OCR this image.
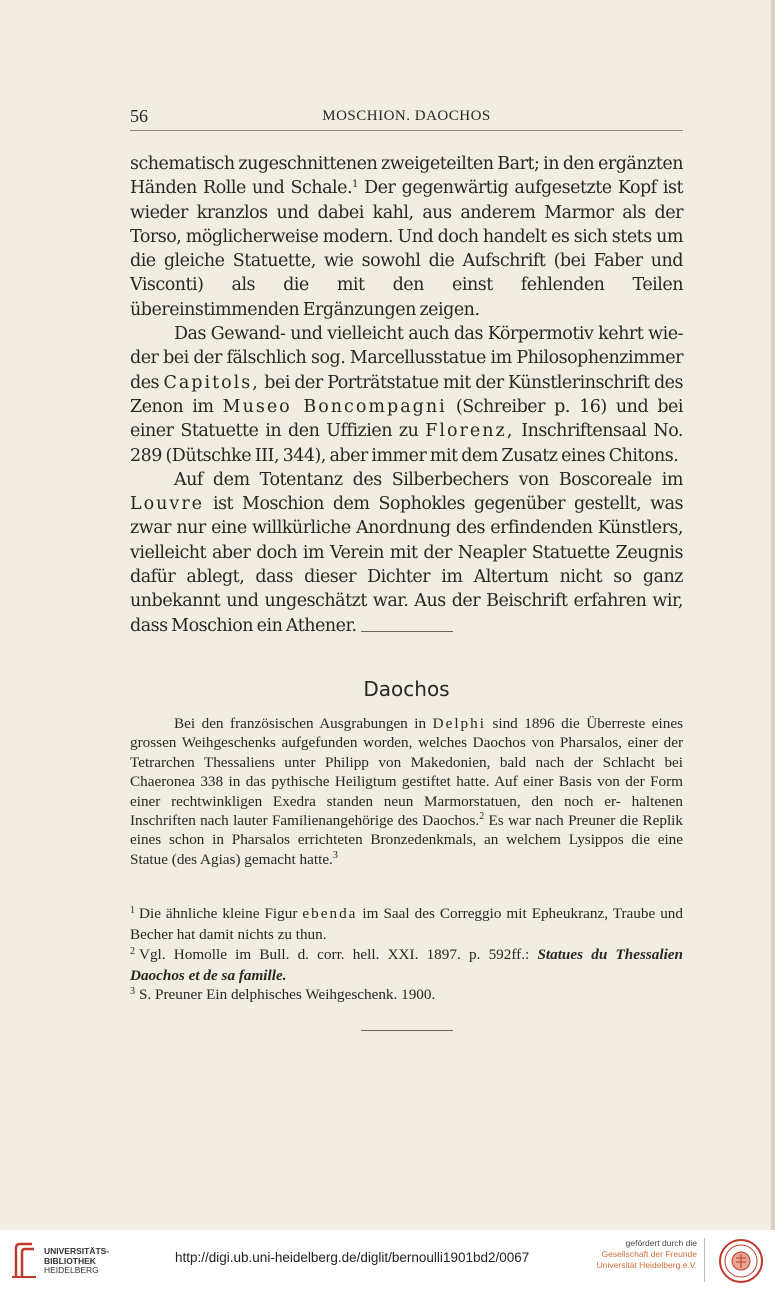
56	MOSCHION. DAOCHOS

schematisch zugeschnittenen zweigeteilten Bart; in den ergänzten Händen Rolle und Schale.$^1$ Der gegenwärtig aufgesetzte Kopf ist wieder kranzlos und dabei kahl, aus anderem Marmor als der Torso, möglicherweise modern. Und doch handelt es sich stets um die gleiche Statuette, wie sowohl die Aufschrift (bei Faber und Visconti) als die mit den einst fehlenden Teilen übereinstimmenden Ergänzungen zeigen.

Das Gewand- und vielleicht auch das Körpermotiv kehrt wie-der bei der fälschlich sog. Marcellusstatue im Philosophenzimmer des Capitols, bei der Porträtstatue mit der Künstlerinschrift des Zenon im Museo Boncompagni (Schreiber p. 16) und bei einer Statuette in den Uffizien zu Florenz, Inschriftensaal No. 289 (Dütschke III, 344), aber immer mit dem Zusatz eines Chitons.

Auf dem Totentanz des Silberbechers von Boscoreale im Louvre ist Moschion dem Sophokles gegenüber gestellt, was zwar nur eine willkürliche Anordnung des erfindenden Künstlers, vielleicht aber doch im Verein mit der Neapler Statuette Zeugnis dafür ablegt, dass dieser Dichter im Altertum nicht so ganz unbekannt und ungeschätzt war. Aus der Beischrift erfahren wir, dass Moschion ein Athener.

Daochos

Bei den französischen Ausgrabungen in Delphi sind 1896 die Überreste eines grossen Weihgeschenks aufgefunden worden, welches Daochos von Pharsalos, einer der Tetrarchen Thessaliens unter Philipp von Makedonien, bald nach der Schlacht bei Chaeronea 338 in das pythische Heiligtum gestiftet hatte. Auf einer Basis von der Form einer rechtwinkligen Exedra standen neun Marmorstatuen, den noch er- haltenen Inschriften nach lauter Familienangehörige des Daochos.$^2$ Es war nach Preuner die Replik eines schon in Pharsalos errichteten Bronzedenkmals, an welchem Lysippos die eine Statue (des Agias) gemacht hatte.$^3$

$^1$ Die ähnliche kleine Figur ebenda im Saal des Correggio mit Epheukranz, Traube und Becher hat damit nichts zu thun.

$^2$ Vgl. Homolle im Bull. d. corr. hell. XXI. 1897. p. 592ff.: Statues du Thessalien Daochos et de sa famille.

$^3$ S. Preuner Ein delphisches Weihgeschenk. 1900.

UNIVERSITÄTS-
BIBLIOTHEK
HEIDELBERG
http://digi.ub.uni-heidelberg.de/diglit/bernoulli1901bd2/0067
gefördert durch die
Gesellschaft der Freunde
Universität Heidelberg e.V.
